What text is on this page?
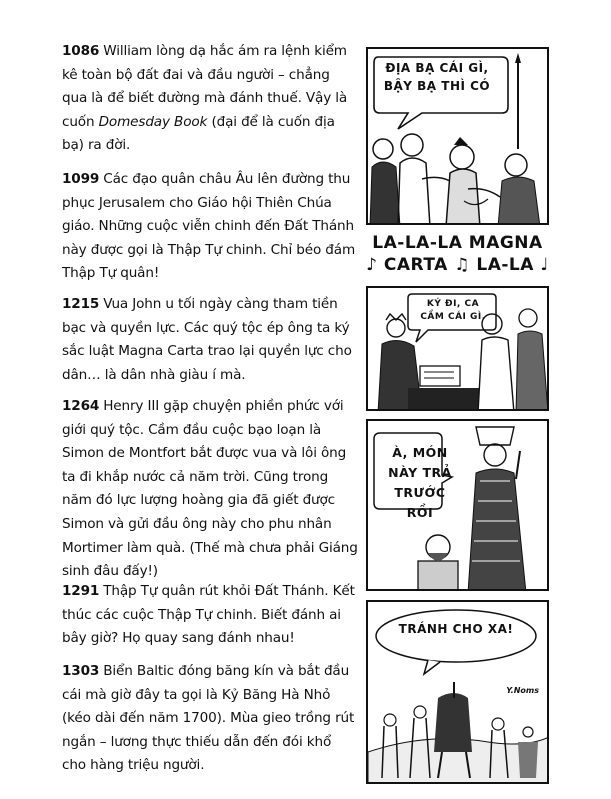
1086 William lòng dạ hắc ám ra lệnh kiểm kê toàn bộ đất đai và đầu người – chẳng qua là để biết đường mà đánh thuế. Vậy là cuốn Domesday Book (đại để là cuốn địa bạ) ra đời.

1099 Các đạo quân châu Âu lên đường thu phục Jerusalem cho Giáo hội Thiên Chúa giáo. Những cuộc viễn chinh đến Đất Thánh này được gọi là Thập Tự chinh. Chỉ béo đám Thập Tự quân!

1215 Vua John u tối ngày càng tham tiền bạc và quyền lực. Các quý tộc ép ông ta ký sắc luật Magna Carta trao lại quyền lực cho dân… là dân nhà giàu í mà.

1264 Henry III gặp chuyện phiền phức với giới quý tộc. Cầm đầu cuộc bạo loạn là Simon de Montfort bắt được vua và lôi ông ta đi khắp nước cả năm trời. Cũng trong năm đó lực lượng hoàng gia đã giết được Simon và gửi đầu ông này cho phu nhân Mortimer làm quà. (Thế mà chưa phải Giáng sinh đâu đấy!)

1291 Thập Tự quân rút khỏi Đất Thánh. Kết thúc các cuộc Thập Tự chinh. Biết đánh ai bây giờ? Họ quay sang đánh nhau!

1303 Biển Baltic đóng băng kín và bắt đầu cái mà giờ đây ta gọi là Kỷ Băng Hà Nhỏ (kéo dài đến năm 1700). Mùa gieo trồng rút ngắn – lương thực thiếu dẫn đến đói khổ cho hàng triệu người.

ĐỊA BẠ CÁI GÌ,
BẬY BẠ THÌ CÓ
LA-LA-LA MAGNA
♪ CARTA ♫ LA-LA ♩
KÝ ĐI, CA
CẦM CÁI GÌ.
À, MÓN
NÀY TRẢ
TRƯỚC RỒI
TRÁNH CHO XA!
Y.Noms
